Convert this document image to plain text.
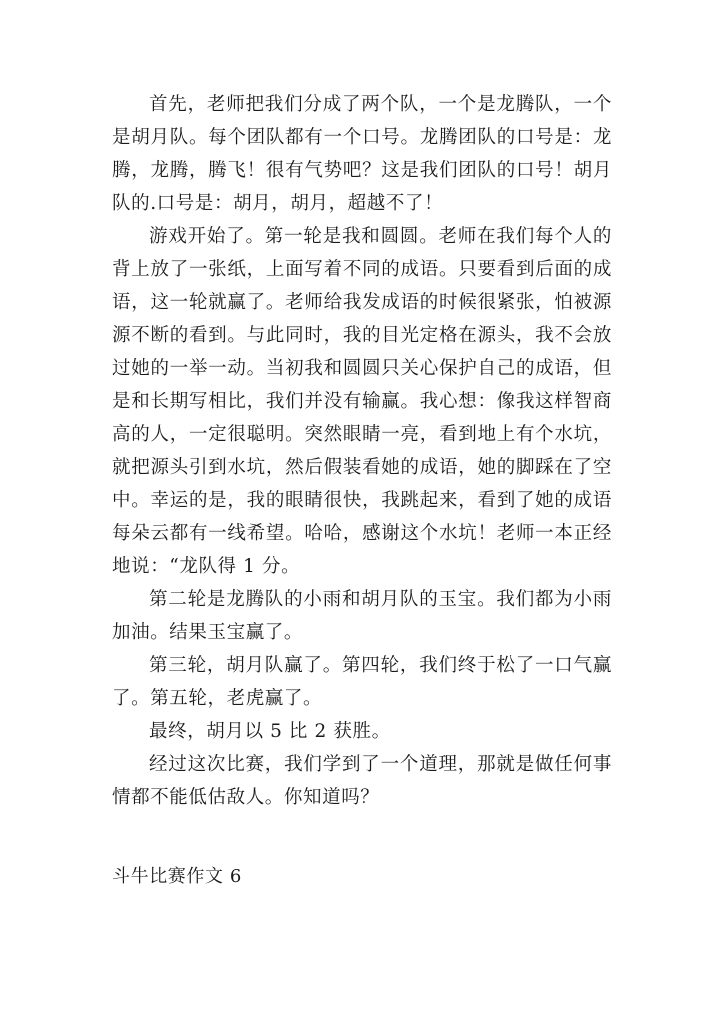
首先，老师把我们分成了两个队，一个是龙腾队，一个是胡月队。每个团队都有一个口号。龙腾团队的口号是：龙腾，龙腾，腾飞！很有气势吧？这是我们团队的口号！胡月队的.口号是：胡月，胡月，超越不了！

游戏开始了。第一轮是我和圆圆。老师在我们每个人的背上放了一张纸，上面写着不同的成语。只要看到后面的成语，这一轮就赢了。老师给我发成语的时候很紧张，怕被源源不断的看到。与此同时，我的目光定格在源头，我不会放过她的一举一动。当初我和圆圆只关心保护自己的成语，但是和长期写相比，我们并没有输赢。我心想：像我这样智商高的人，一定很聪明。突然眼睛一亮，看到地上有个水坑，就把源头引到水坑，然后假装看她的成语，她的脚踩在了空中。幸运的是，我的眼睛很快，我跳起来，看到了她的成语每朵云都有一线希望。哈哈，感谢这个水坑！老师一本正经地说：“龙队得 1 分。

第二轮是龙腾队的小雨和胡月队的玉宝。我们都为小雨加油。结果玉宝赢了。

第三轮，胡月队赢了。第四轮，我们终于松了一口气赢了。第五轮，老虎赢了。

最终，胡月以 5 比 2 获胜。

经过这次比赛，我们学到了一个道理，那就是做任何事情都不能低估敌人。你知道吗？

斗牛比赛作文 6
